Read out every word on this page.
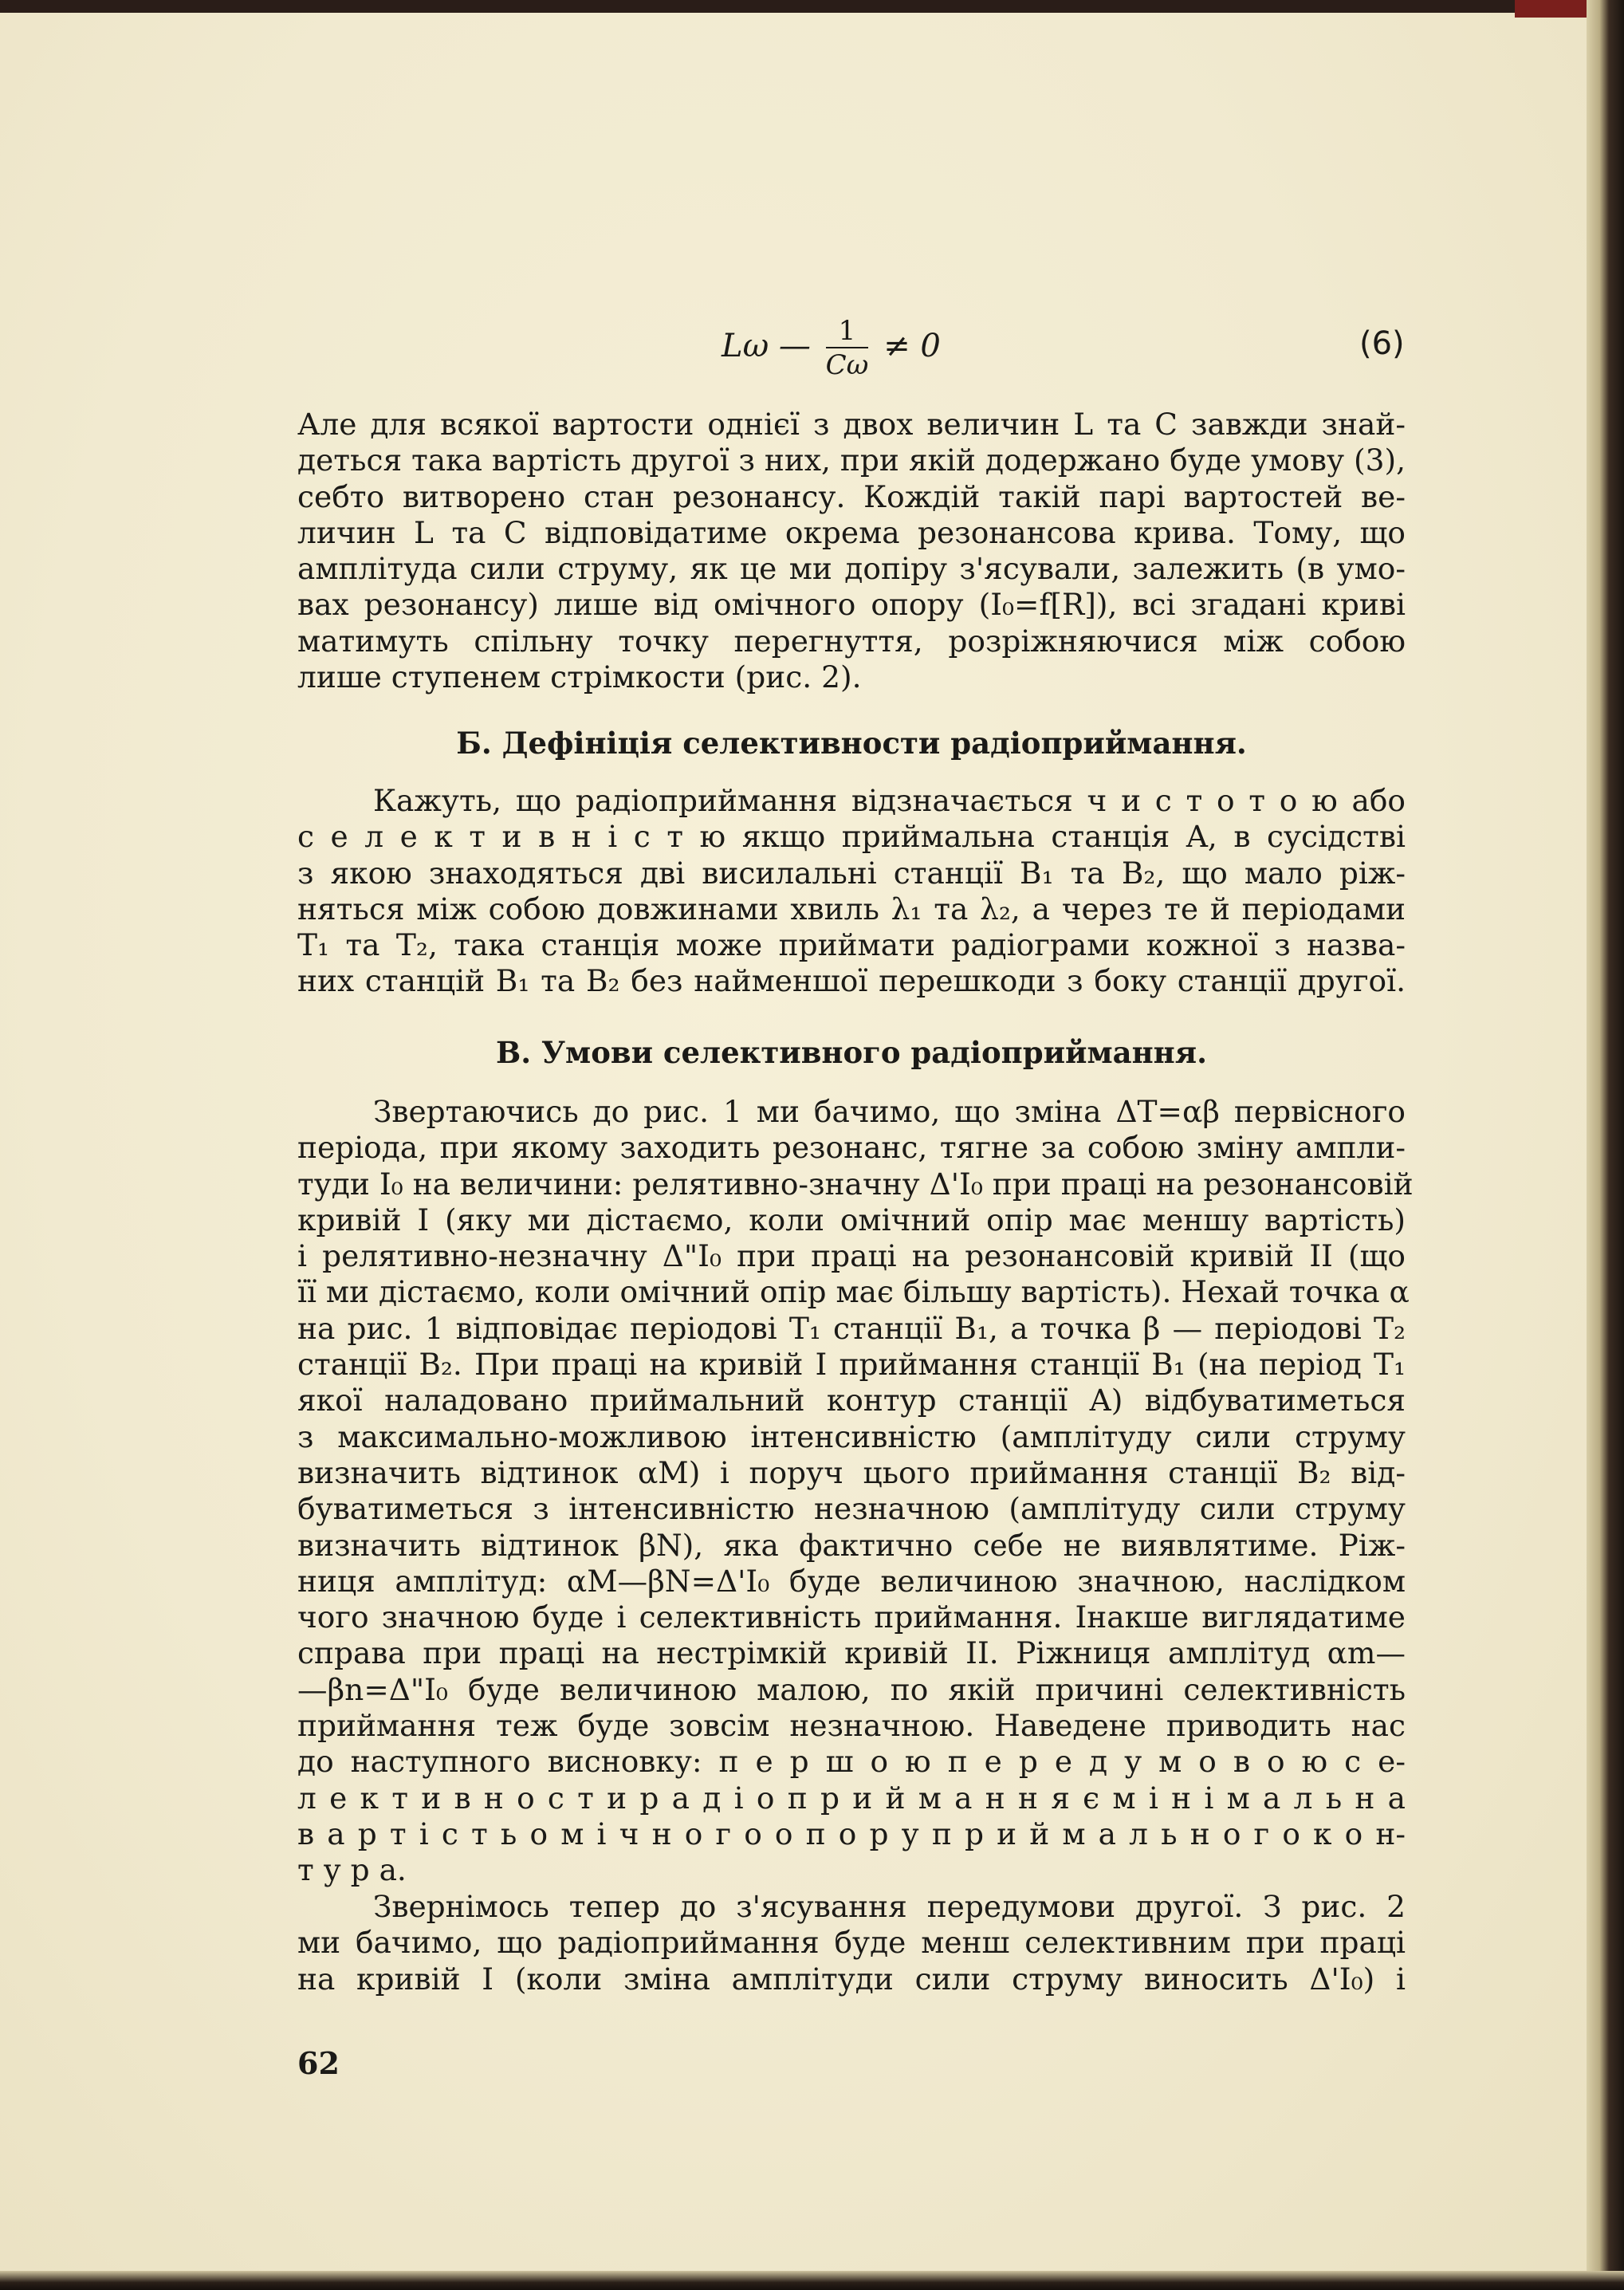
Lω — $\frac{1}{C\omega} \ne 0$	(6)

Але для всякої вартости однієї з двох величин L та C завжди знай-

деться така вартість другої з них, при якій додержано буде умову (3),

себто витворено стан резонансу. Кождій такій парі вартостей ве-

личин L та C відповідатиме окрема резонансова крива. Тому, що

амплітуда сили струму, як це ми допіру з'ясували, залежить (в умо-

вах резонансу) лише від омічного опору (I₀=f[R]), всі згадані криві

матимуть спільну точку перегнуття, розріжняючися між собою

лише ступенем стрімкости (рис. 2).

Б. Дефініція селективности радіоприймання.

Кажуть, що радіоприймання відзначається ч и с т о т о ю або

с е л е к т и в н і с т ю якщо приймальна станція A, в сусідстві

з якою знаходяться дві висилальні станції B₁ та B₂, що мало ріж-

няться між собою довжинами хвиль λ₁ та λ₂, а через те й періодами

T₁ та T₂, така станція може приймати радіограми кожної з назва-

них станцій B₁ та B₂ без найменшої перешкоди з боку станції другої.

В. Умови селективного радіоприймання.

Звертаючись до рис. 1 ми бачимо, що зміна ΔT=αβ первісного

періода, при якому заходить резонанс, тягне за собою зміну ампли-

туди I₀ на величини: релятивно-значну Δ'I₀ при праці на резонансовій

кривій I (яку ми дістаємо, коли омічний опір має меншу вартість)

і релятивно-незначну Δ"I₀ при праці на резонансовій кривій II (що

її ми дістаємо, коли омічний опір має більшу вартість). Нехай точка α

на рис. 1 відповідає періодові T₁ станції B₁, а точка β — періодові T₂

станції B₂. При праці на кривій I приймання станції B₁ (на період T₁

якої наладовано приймальний контур станції A) відбуватиметься

з максимально-можливою інтенсивністю (амплітуду сили струму

визначить відтинок αM) і поруч цього приймання станції B₂ від-

буватиметься з інтенсивністю незначною (амплітуду сили струму

визначить відтинок βN), яка фактично себе не виявлятиме. Ріж-

ниця амплітуд: αM—βN=Δ'I₀ буде величиною значною, наслідком

чого значною буде і селективність приймання. Інакше виглядатиме

справа при праці на нестрімкій кривій II. Ріжниця амплітуд αm—

—βn=Δ"I₀ буде величиною малою, по якій причині селективність

приймання теж буде зовсім незначною. Наведене приводить нас

до наступного висновку: п е р ш о ю п е р е д у м о в о ю с е-

л е к т и в н о с т и р а д і о п р и й м а н н я є м і н і м а л ь н а

в а р т і с т ь о м і ч н о г о о п о р у п р и й м а л ь н о г о к о н-

т у р а.

Звернімось тепер до з'ясування передумови другої. З рис. 2

ми бачимо, що радіоприймання буде менш селективним при праці

на кривій I (коли зміна амплітуди сили струму виносить Δ'I₀) і

62
